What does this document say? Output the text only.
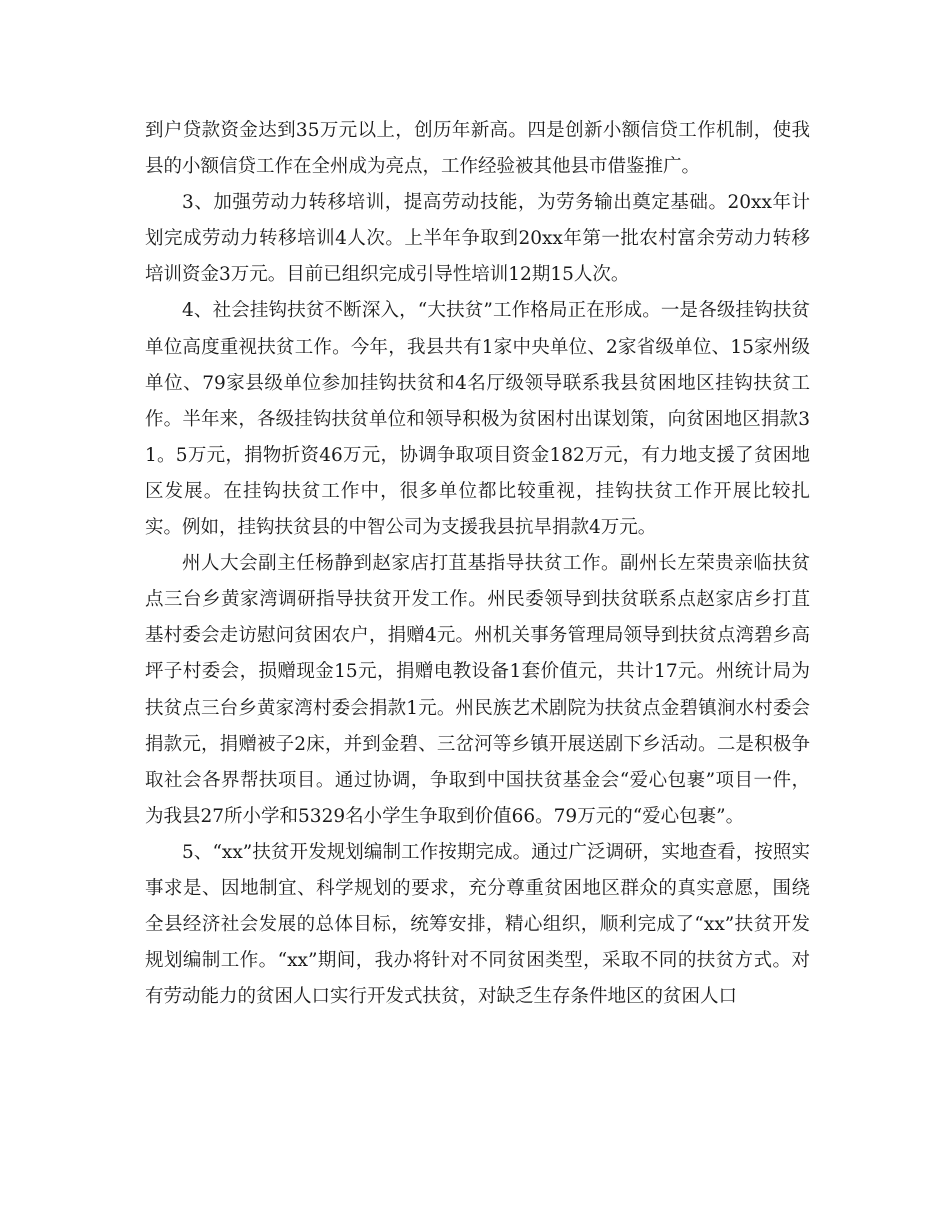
到户贷款资金达到35万元以上，创历年新高。四是创新小额信贷工作机制，使我县的小额信贷工作在全州成为亮点，工作经验被其他县市借鉴推广。

3、加强劳动力转移培训，提高劳动技能，为劳务输出奠定基础。20xx年计划完成劳动力转移培训4人次。上半年争取到20xx年第一批农村富余劳动力转移培训资金3万元。目前已组织完成引导性培训12期15人次。

4、社会挂钩扶贫不断深入，“大扶贫”工作格局正在形成。一是各级挂钩扶贫单位高度重视扶贫工作。今年，我县共有1家中央单位、2家省级单位、15家州级单位、79家县级单位参加挂钩扶贫和4名厅级领导联系我县贫困地区挂钩扶贫工作。半年来，各级挂钩扶贫单位和领导积极为贫困村出谋划策，向贫困地区捐款31。5万元，捐物折资46万元，协调争取项目资金182万元，有力地支援了贫困地区发展。在挂钩扶贫工作中，很多单位都比较重视，挂钩扶贫工作开展比较扎实。例如，挂钩扶贫县的中智公司为支援我县抗旱捐款4万元。

州人大会副主任杨静到赵家店打苴基指导扶贫工作。副州长左荣贵亲临扶贫点三台乡黄家湾调研指导扶贫开发工作。州民委领导到扶贫联系点赵家店乡打苴基村委会走访慰问贫困农户，捐赠4元。州机关事务管理局领导到扶贫点湾碧乡高坪子村委会，损赠现金15元，捐赠电教设备1套价值元，共计17元。州统计局为扶贫点三台乡黄家湾村委会捐款1元。州民族艺术剧院为扶贫点金碧镇涧水村委会捐款元，捐赠被子2床，并到金碧、三岔河等乡镇开展送剧下乡活动。二是积极争取社会各界帮扶项目。通过协调，争取到中国扶贫基金会“爱心包裹”项目一件，为我县27所小学和5329名小学生争取到价值66。79万元的“爱心包裹”。

5、“xx”扶贫开发规划编制工作按期完成。通过广泛调研，实地查看，按照实事求是、因地制宜、科学规划的要求，充分尊重贫困地区群众的真实意愿，围绕全县经济社会发展的总体目标，统筹安排，精心组织，顺利完成了“xx”扶贫开发规划编制工作。“xx”期间，我办将针对不同贫困类型，采取不同的扶贫方式。对有劳动能力的贫困人口实行开发式扶贫，对缺乏生存条件地区的贫困人口
